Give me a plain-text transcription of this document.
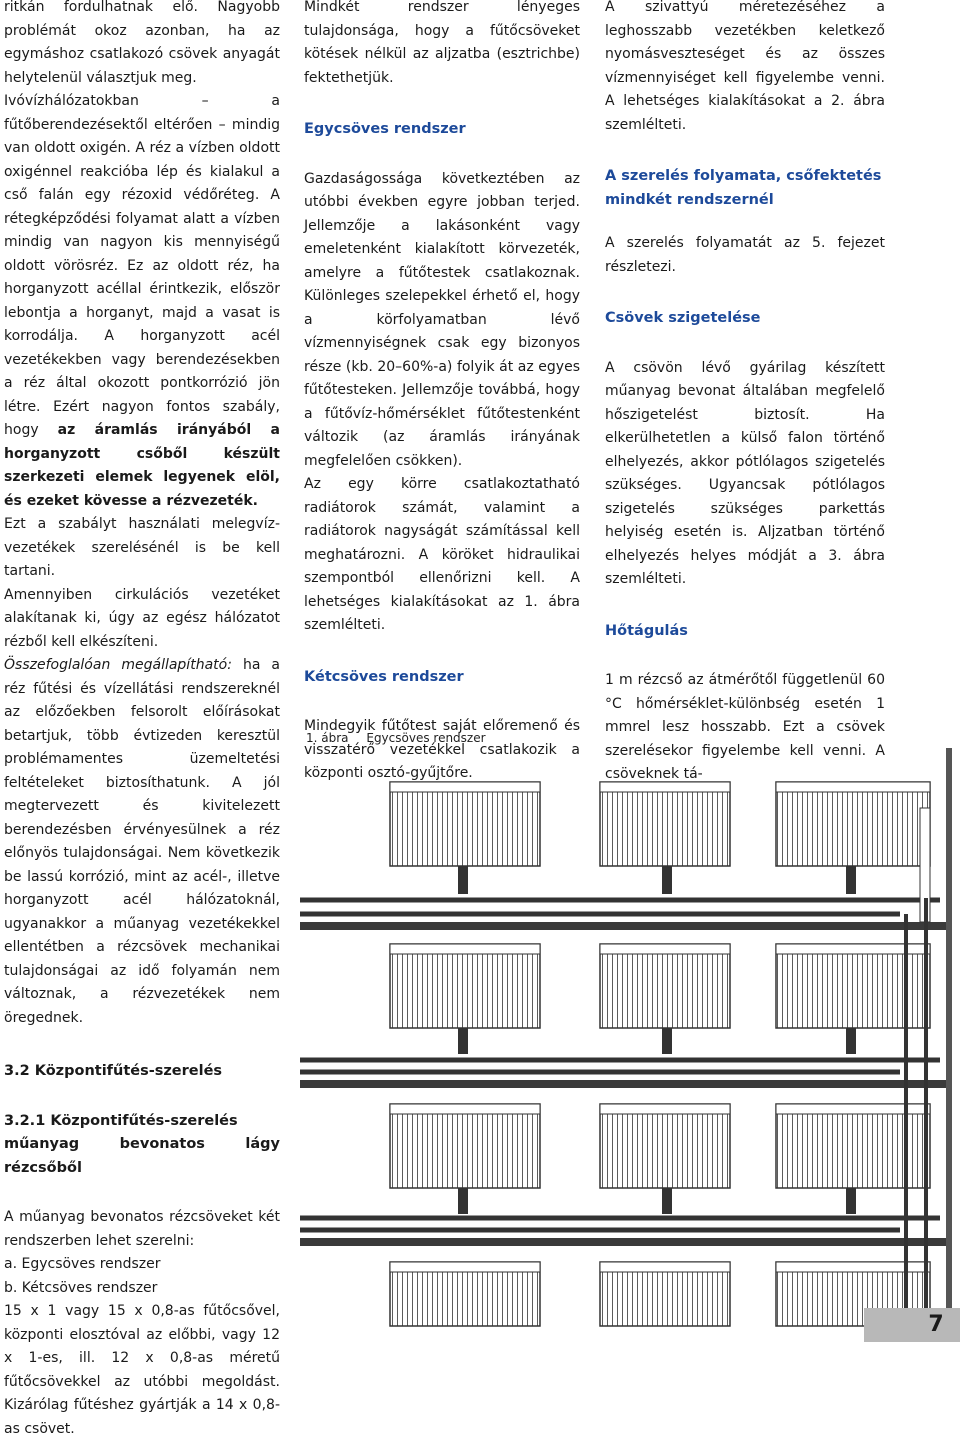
ritkán fordulhatnak elő. Nagyobb problémát okoz azonban, ha az egymáshoz csatlakozó csövek anyagát helytelenül választjuk meg.

Ivóvízhálózatokban – a fűtőberendezésektől eltérően – mindig van oldott oxigén. A réz a vízben oldott oxigénnel reakcióba lép és kialakul a cső falán egy rézoxid védőréteg. A rétegképződési folyamat alatt a vízben mindig van nagyon kis mennyiségű oldott vörösréz. Ez az oldott réz, ha horganyzott acéllal érintkezik, először lebontja a horganyt, majd a vasat is korrodálja. A horganyzott acél vezetékekben vagy berendezésekben a réz által okozott pontkorrózió jön létre. Ezért nagyon fontos szabály, hogy az áramlás irányából a horganyzott csőből készült szerkezeti elemek legyenek elöl, és ezeket kövesse a rézvezeték.

Ezt a szabályt használati melegvíz-vezetékek szerelésénél is be kell tartani.

Amennyiben cirkulációs vezetéket alakítanak ki, úgy az egész hálózatot rézből kell elkészíteni.

Összefoglalóan megállapítható: ha a réz fűtési és vízellátási rendszereknél az előzőekben felsorolt előírásokat betartjuk, több évtizeden keresztül problémamentes üzemeltetési feltételeket biztosíthatunk. A jól megtervezett és kivitelezett berendezésben érvényesülnek a réz előnyös tulajdonságai. Nem következik be lassú korrózió, mint az acél-, illetve horganyzott acél hálózatoknál, ugyanakkor a műanyag vezetékekkel ellentétben a rézcsövek mechanikai tulajdonságai az idő folyamán nem változnak, a rézvezetékek nem öregednek.

3.2 Központifűtés-szerelés

3.2.1 Központifűtés-szerelés

műanyag bevonatos lágy rézcsőből

A műanyag bevonatos rézcsöveket két rendszerben lehet szerelni:

a. Egycsöves rendszer

b. Kétcsöves rendszer

15 x 1 vagy 15 x 0,8-as fűtőcsővel, központi elosztóval az előbbi, vagy 12 x 1-es, ill. 12 x 0,8-as méretű fűtőcsövekkel az utóbbi megoldást. Kizárólag fűtéshez gyártják a 14 x 0,8-as csövet.

Mindkét rendszer lényeges tulajdonsága, hogy a fűtőcsöveket kötések nélkül az aljzatba (esztrichbe) fektethetjük.

Egycsöves rendszer

Gazdaságossága következtében az utóbbi években egyre jobban terjed. Jellemzője a lakásonként vagy emeletenként kialakított körvezeték, amelyre a fűtőtestek csatlakoznak. Különleges szelepekkel érhető el, hogy a körfolyamatban lévő vízmennyiségnek csak egy bizonyos része (kb. 20–60%-a) folyik át az egyes fűtőtesteken. Jellemzője továbbá, hogy a fűtővíz-hőmérséklet fűtőtestenként változik (az áramlás irányának megfelelően csökken).

Az egy körre csatlakoztatható radiátorok számát, valamint a radiátorok nagyságát számítással kell meghatározni. A köröket hidraulikai szempontból ellenőrizni kell. A lehetséges kialakításokat az 1. ábra szemlélteti.

Kétcsöves rendszer

Mindegyik fűtőtest saját előremenő és visszatérő vezetékkel csatlakozik a központi osztó-gyűjtőre.

A szivattyú méretezéséhez a leghosszabb vezetékben keletkező nyomásveszteséget és az összes vízmennyiséget kell figyelembe venni. A lehetséges kialakításokat a 2. ábra szemlélteti.

A szerelés folyamata, csőfektetés mindkét rendszernél

A szerelés folyamatát az 5. fejezet részletezi.

Csövek szigetelése

A csövön lévő gyárilag készített műanyag bevonat általában megfelelő hőszigetelést biztosít. Ha elkerülhetetlen a külső falon történő elhelyezés, akkor pótlólagos szigetelés szükséges. Ugyancsak pótlólagos szigetelés szükséges parkettás helyiség esetén is. Aljzatban történő elhelyezés helyes módját a 3. ábra szemlélteti.

Hőtágulás

1 m rézcső az átmérőtől függetlenül 60 °C hőmérséklet-különbség esetén 1 mmrel lesz hosszabb. Ezt a csövek szerelésekor figyelembe kell venni. A csöveknek tá-

1. ábra Egycsöves rendszer
7
